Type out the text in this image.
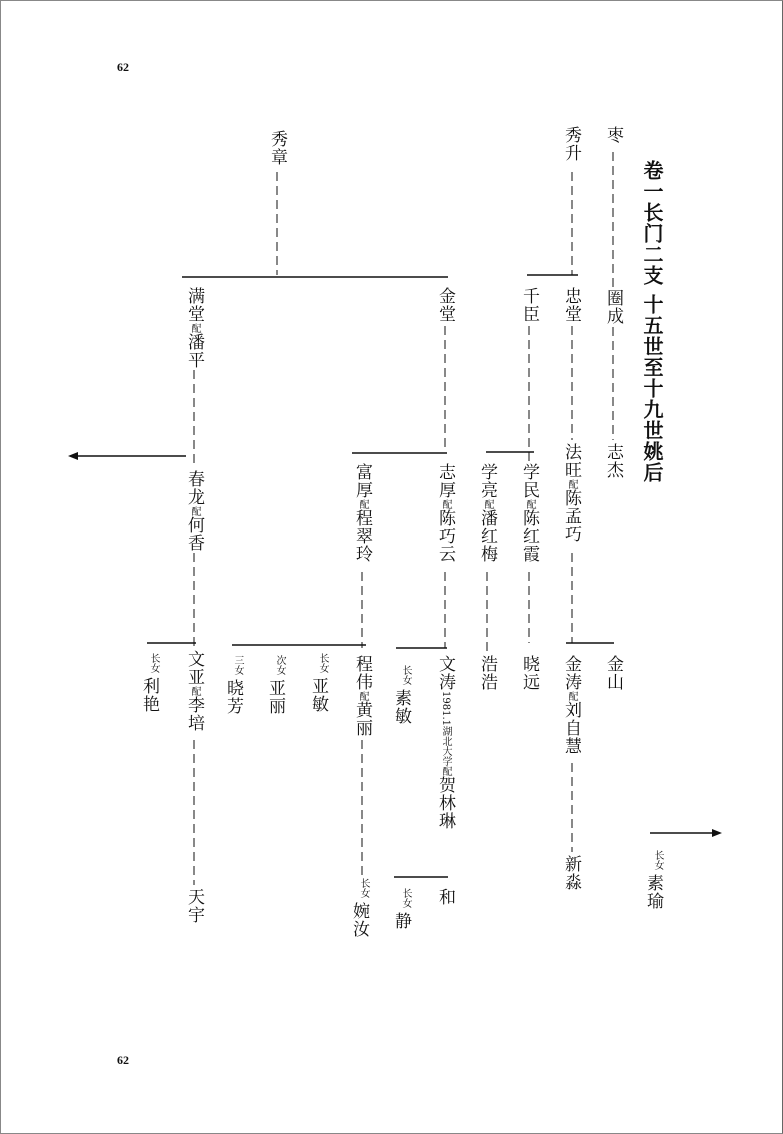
62
62
卷一长门二支 十五世至十九世姚后
枣
秀升
秀章
圈成
忠堂
千臣
金堂
满堂配潘平
志杰
法旺配陈孟巧
学民配陈红霞
学亮配潘红梅
志厚配陈巧云
富厚配程翠玲
春龙配何香
金山
金涛配刘自慧
晓远
浩浩
文涛1981.1湖北大学配贺林琳
长女
素敏
程伟配黄丽
长女
亚敏
次女
亚丽
三女
晓芳
文亚配李培
长女
利艳
新淼	长女
素瑜
和
长女
静
长女
婉汝
天宇
